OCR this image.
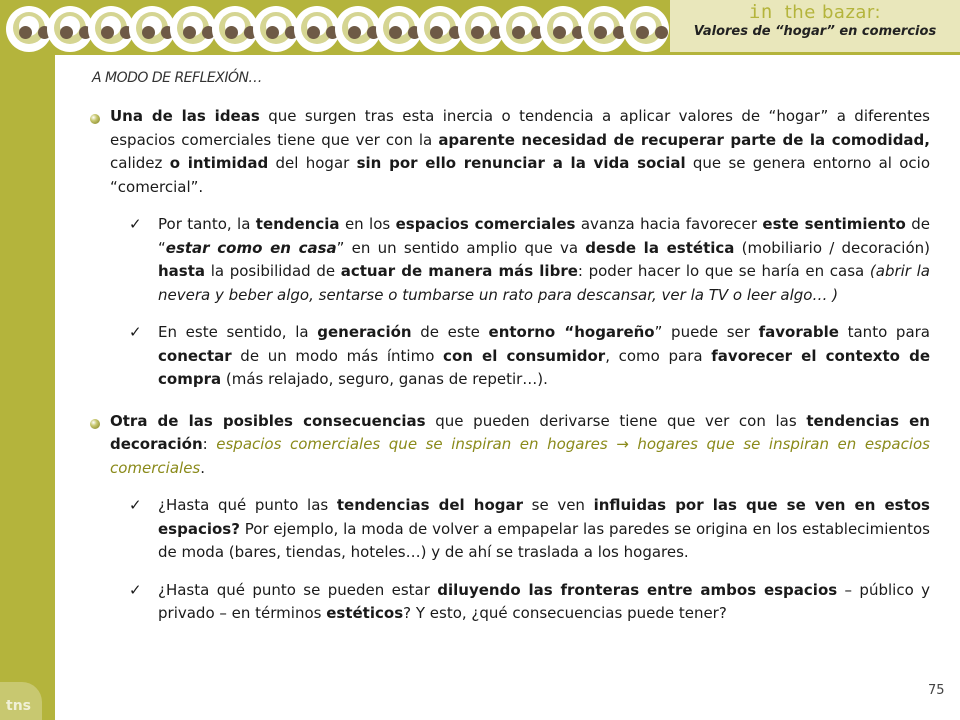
in the bazar:
Valores de “hogar” en comercios
A MODO DE REFLEXIÓN…
Una de las ideas que surgen tras esta inercia o tendencia a aplicar valores de “hogar” a diferentes espacios comerciales tiene que ver con la aparente necesidad de recuperar parte de la comodidad, calidez o intimidad del hogar sin por ello renunciar a la vida social que se genera entorno al ocio “comercial”.
✓ Por tanto, la tendencia en los espacios comerciales avanza hacia favorecer este sentimiento de “estar como en casa” en un sentido amplio que va desde la estética (mobiliario / decoración) hasta la posibilidad de actuar de manera más libre: poder hacer lo que se haría en casa (abrir la nevera y beber algo, sentarse o tumbarse un rato para descansar, ver la TV o leer algo… )
✓ En este sentido, la generación de este entorno “hogareño” puede ser favorable tanto para conectar de un modo más íntimo con el consumidor, como para favorecer el contexto de compra (más relajado, seguro, ganas de repetir…).
Otra de las posibles consecuencias que pueden derivarse tiene que ver con las tendencias en decoración: espacios comerciales que se inspiran en hogares → hogares que se inspiran en espacios comerciales.
✓ ¿Hasta qué punto las tendencias del hogar se ven influidas por las que se ven en estos espacios? Por ejemplo, la moda de volver a empapelar las paredes se origina en los establecimientos de moda (bares, tiendas, hoteles…) y de ahí se traslada a los hogares.
✓ ¿Hasta qué punto se pueden estar diluyendo las fronteras entre ambos espacios – público y privado – en términos estéticos? Y esto, ¿qué consecuencias puede tener?
tns
75
